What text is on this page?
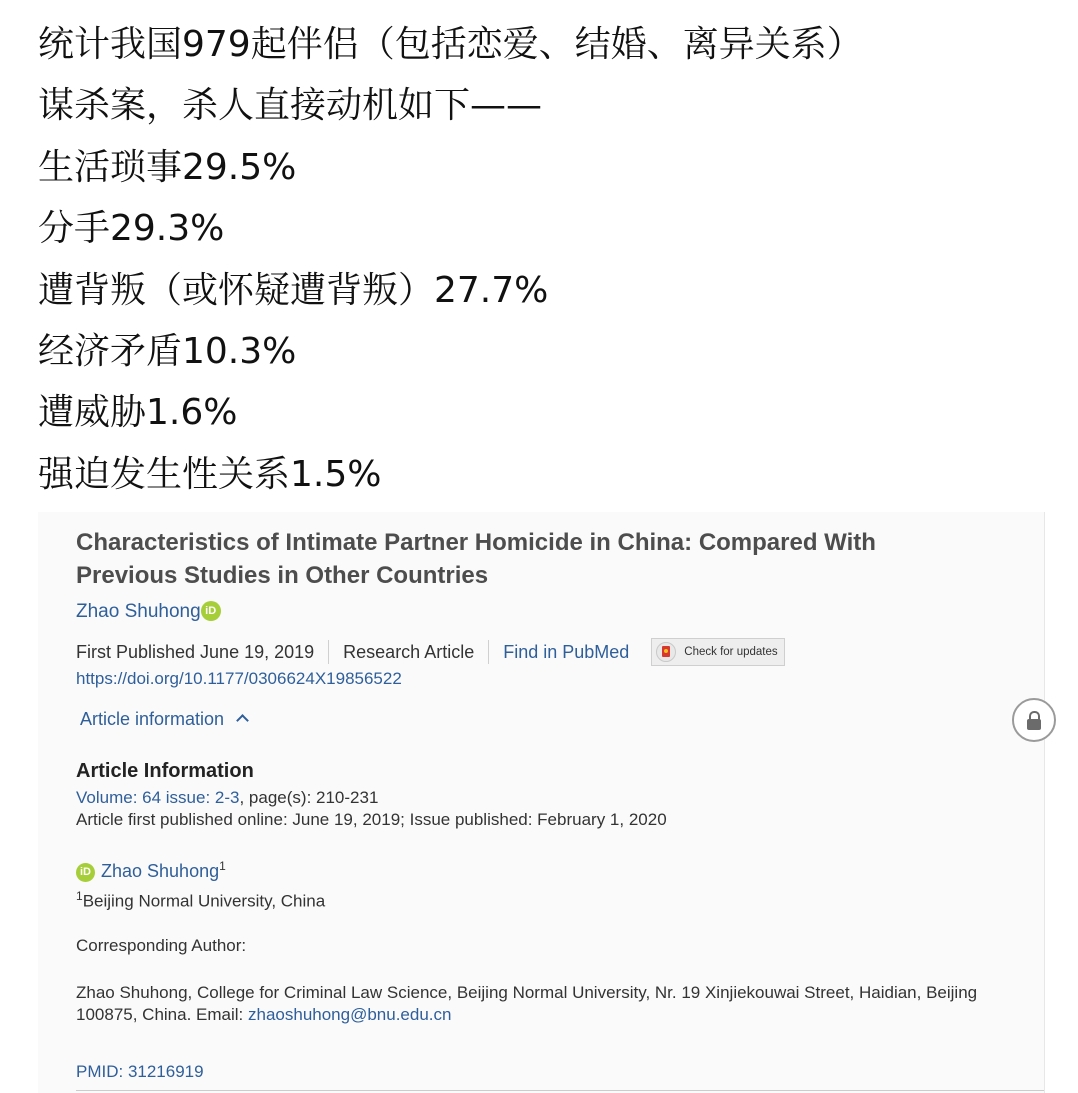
统计我国979起伴侣（包括恋爱、结婚、离异关系）
谋杀案，杀人直接动机如下——
生活琐事29.5%
分手29.3%
遭背叛（或怀疑遭背叛）27.7%
经济矛盾10.3%
遭威胁1.6%
强迫发生性关系1.5%
Characteristics of Intimate Partner Homicide in China: Compared With Previous Studies in Other Countries
Zhao Shuhong iD
First Published June 19, 2019 Research Article Find in PubMed	Check for updates
https://doi.org/10.1177/0306624X19856522
Article information
Article Information
Volume: 64 issue: 2-3, page(s): 210-231
Article first published online: June 19, 2019; Issue published: February 1, 2020
iD Zhao Shuhong$^1$
$^1$Beijing Normal University, China
Corresponding Author:
Zhao Shuhong, College for Criminal Law Science, Beijing Normal University, Nr. 19 Xinjiekouwai Street, Haidian, Beijing 100875, China. Email: zhaoshuhong@bnu.edu.cn
PMID: 31216919
